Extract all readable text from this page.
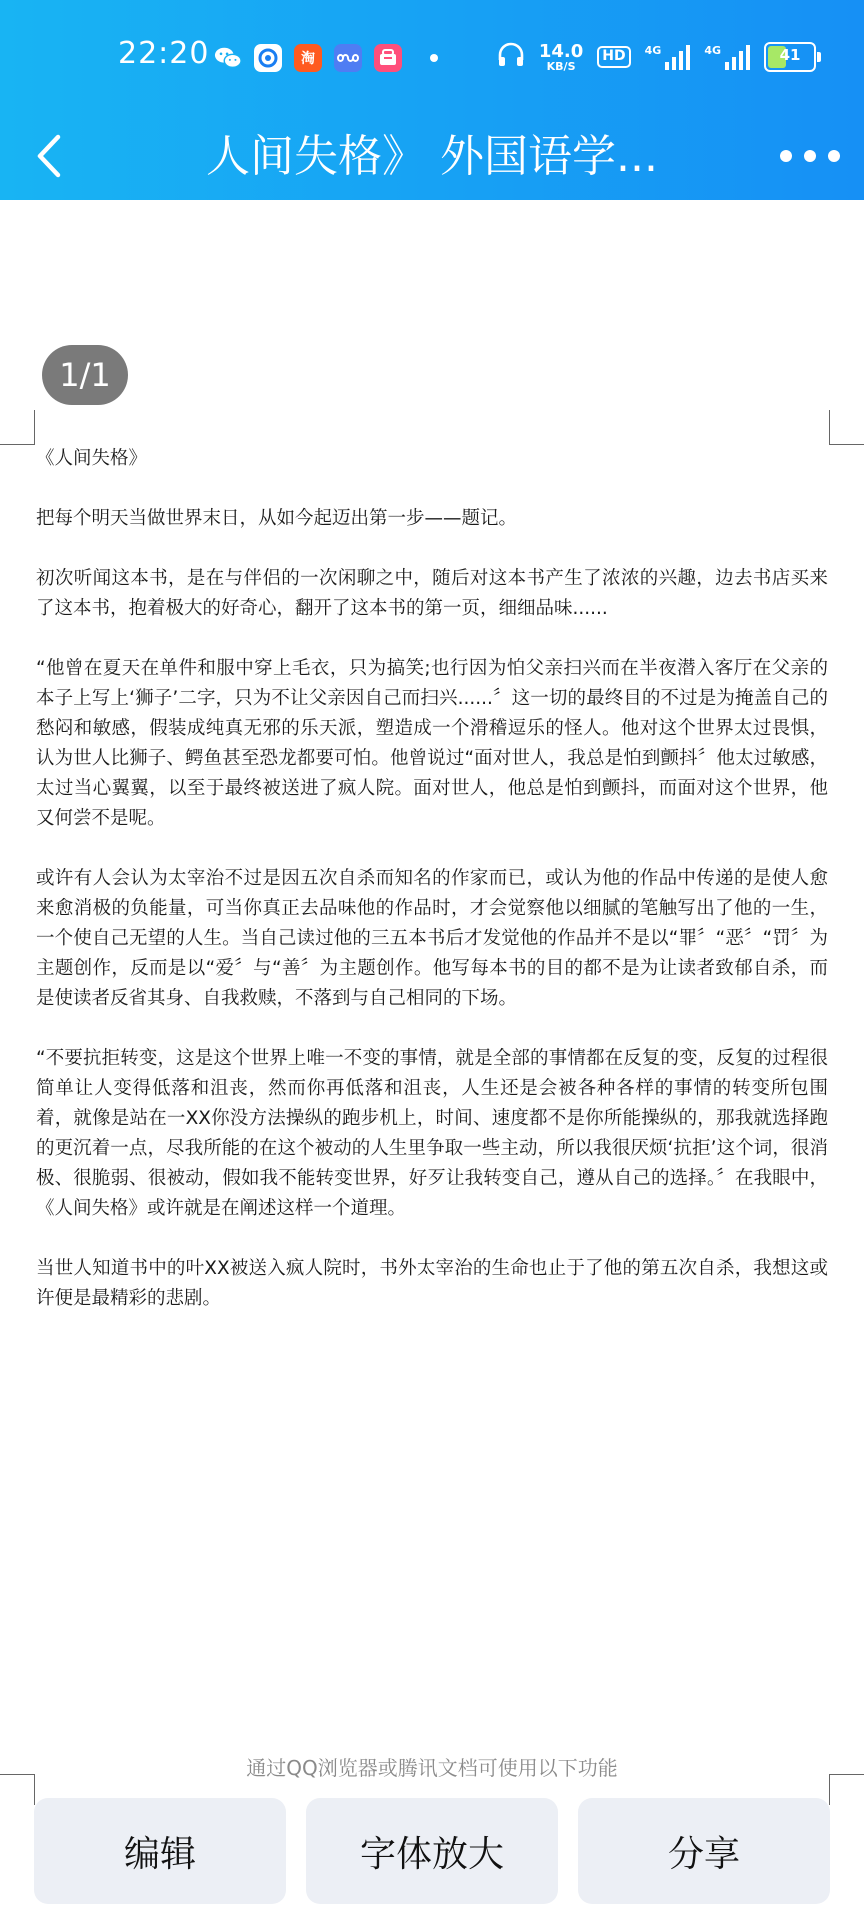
22:20	淘	14.0
KB/S
HD	4G	4G	41
人间失格》 外国语学...
1/1

《人间失格》

把每个明天当做世界末日，从如今起迈出第一步——题记。

初次听闻这本书，是在与伴侣的一次闲聊之中，随后对这本书产生了浓浓的兴趣，边去书店买来了这本书，抱着极大的好奇心，翻开了这本书的第一页，细细品味......

“他曾在夏天在单件和服中穿上毛衣，只为搞笑;也行因为怕父亲扫兴而在半夜潜入客厅在父亲的本子上写上‘狮子’二字，只为不让父亲因自己而扫兴......〞这一切的最终目的不过是为掩盖自己的愁闷和敏感，假装成纯真无邪的乐天派，塑造成一个滑稽逗乐的怪人。他对这个世界太过畏惧，认为世人比狮子、鳄鱼甚至恐龙都要可怕。他曾说过“面对世人，我总是怕到颤抖〞他太过敏感，太过当心翼翼，以至于最终被送进了疯人院。面对世人，他总是怕到颤抖，而面对这个世界，他又何尝不是呢。

或许有人会认为太宰治不过是因五次自杀而知名的作家而已，或认为他的作品中传递的是使人愈来愈消极的负能量，可当你真正去品味他的作品时，才会觉察他以细腻的笔触写出了他的一生，一个使自己无望的人生。当自己读过他的三五本书后才发觉他的作品并不是以“罪〞“恶〞“罚〞为主题创作，反而是以“爱〞与“善〞为主题创作。他写每本书的目的都不是为让读者致郁自杀，而是使读者反省其身、自我救赎，不落到与自己相同的下场。

“不要抗拒转变，这是这个世界上唯一不变的事情，就是全部的事情都在反复的变，反复的过程很简单让人变得低落和沮丧，然而你再低落和沮丧，人生还是会被各种各样的事情的转变所包围着，就像是站在一XX你没方法操纵的跑步机上，时间、速度都不是你所能操纵的，那我就选择跑的更沉着一点，尽我所能的在这个被动的人生里争取一些主动，所以我很厌烦‘抗拒’这个词，很消极、很脆弱、很被动，假如我不能转变世界，好歹让我转变自己，遵从自己的选择。〞在我眼中，《人间失格》或许就是在阐述这样一个道理。

当世人知道书中的叶XX被送入疯人院时，书外太宰治的生命也止于了他的第五次自杀，我想这或许便是最精彩的悲剧。

通过QQ浏览器或腾讯文档可使用以下功能
编辑	字体放大	分享
